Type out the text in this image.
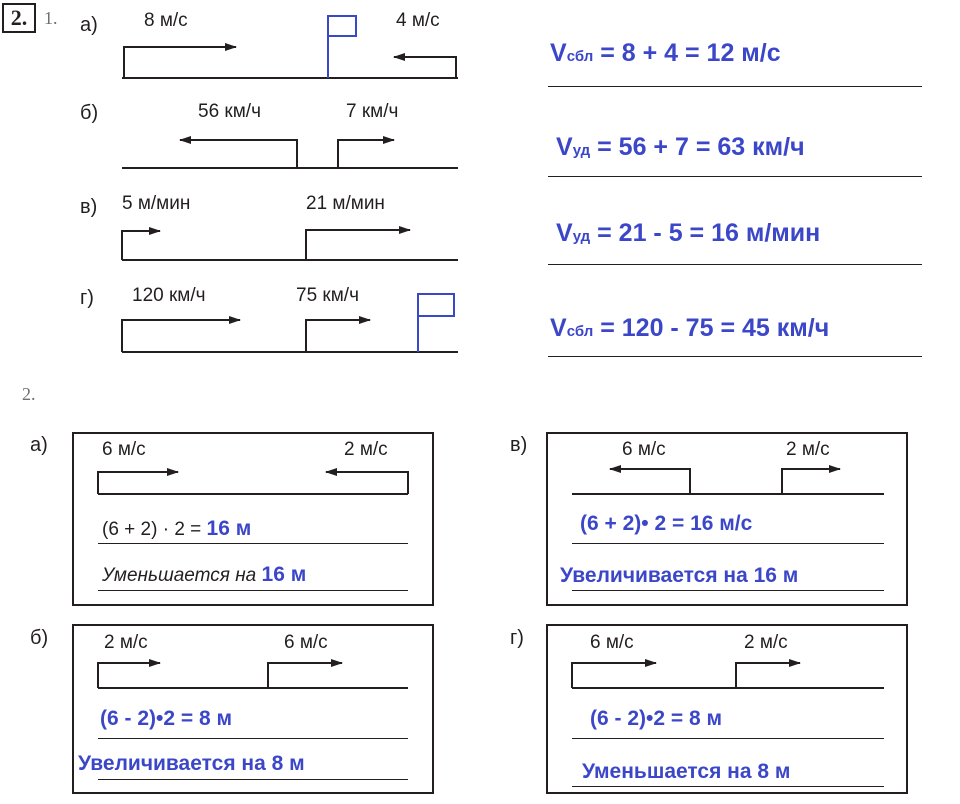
2. 1.
2.
а) 8 м/с	4 м/с
б)	56 км/ч	7 км/ч
в) 5 м/мин	21 м/мин
г) 120 км/ч	75 км/ч
Vсбл = 8 + 4 = 12 м/с
Vуд = 56 + 7 = 63 км/ч
Vуд = 21 - 5 = 16 м/мин
Vсбл = 120 - 75 = 45 км/ч
а)	6 м/с	2 м/с
(6 + 2) · 2 = 16 м
Уменьшается на 16 м
в)	6 м/с	2 м/с
(6 + 2)• 2 = 16 м/с
Увеличивается на 16 м
б)	2 м/с	6 м/с
(6 - 2)•2 = 8 м
Увеличивается на 8 м
г)	6 м/с	2 м/с
(6 - 2)•2 = 8 м
Уменьшается на 8 м
